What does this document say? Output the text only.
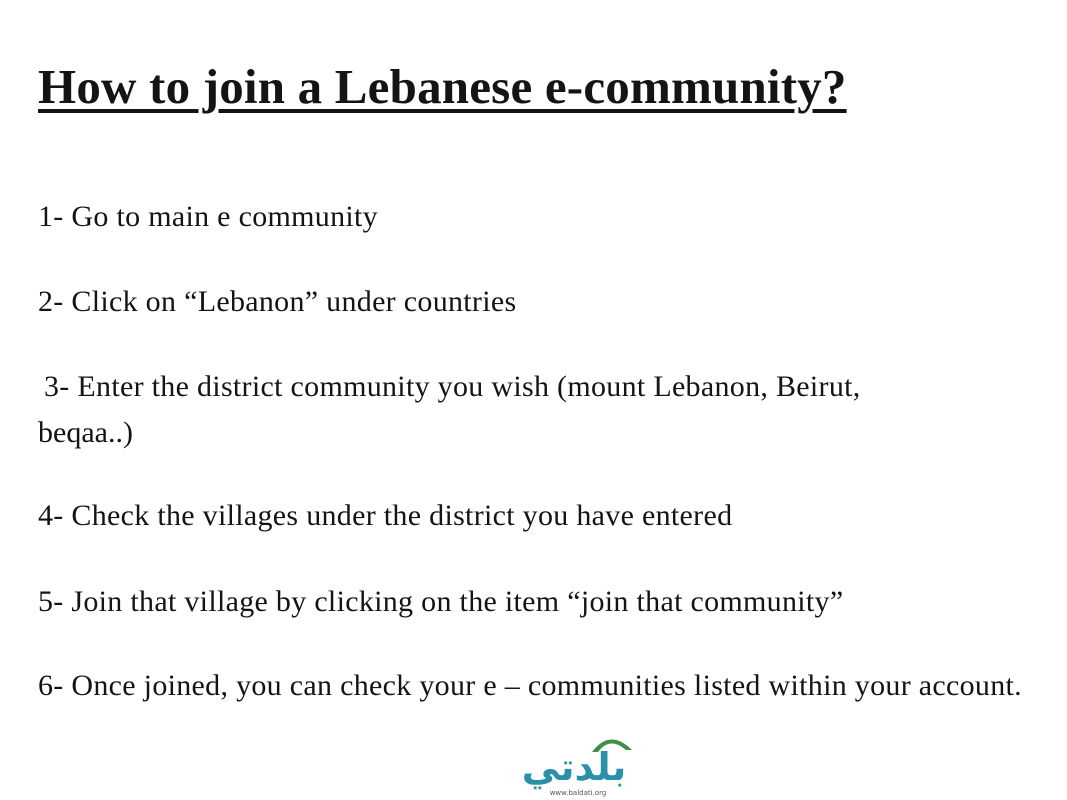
How to join a Lebanese e-community?

1- Go to main e community

2- Click on “Lebanon” under countries

3- Enter the district community you wish (mount Lebanon, Beirut,

beqaa..)

4- Check the villages under the district you have entered

5- Join that village by clicking on the item “join that community”

6- Once joined, you can check your e – communities listed within your account.

بلدتي
www.baldati.org
